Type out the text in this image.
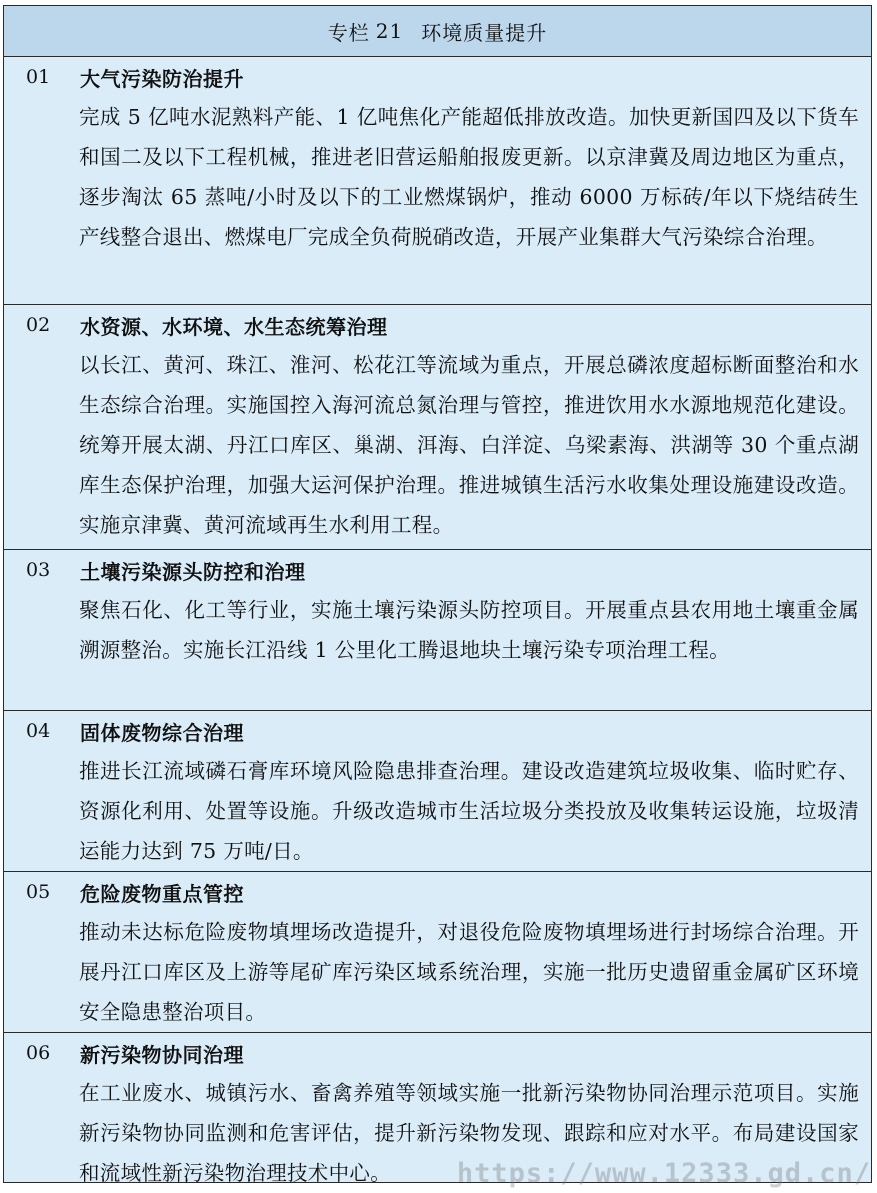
专栏 21 环境质量提升
01	大气污染防治提升
完成 5 亿吨水泥熟料产能、1 亿吨焦化产能超低排放改造。加快更新国四及以下货车和国二及以下工程机械，推进老旧营运船舶报废更新。以京津冀及周边地区为重点，逐步淘汰 65 蒸吨/小时及以下的工业燃煤锅炉，推动 6000 万标砖/年以下烧结砖生产线整合退出、燃煤电厂完成全负荷脱硝改造，开展产业集群大气污染综合治理。
02	水资源、水环境、水生态统筹治理
以长江、黄河、珠江、淮河、松花江等流域为重点，开展总磷浓度超标断面整治和水生态综合治理。实施国控入海河流总氮治理与管控，推进饮用水水源地规范化建设。统筹开展太湖、丹江口库区、巢湖、洱海、白洋淀、乌梁素海、洪湖等 30 个重点湖库生态保护治理，加强大运河保护治理。推进城镇生活污水收集处理设施建设改造。实施京津冀、黄河流域再生水利用工程。
03	土壤污染源头防控和治理
聚焦石化、化工等行业，实施土壤污染源头防控项目。开展重点县农用地土壤重金属溯源整治。实施长江沿线 1 公里化工腾退地块土壤污染专项治理工程。
04	固体废物综合治理
推进长江流域磷石膏库环境风险隐患排查治理。建设改造建筑垃圾收集、临时贮存、资源化利用、处置等设施。升级改造城市生活垃圾分类投放及收集转运设施，垃圾清运能力达到 75 万吨/日。
05	危险废物重点管控
推动未达标危险废物填埋场改造提升，对退役危险废物填埋场进行封场综合治理。开展丹江口库区及上游等尾矿库污染区域系统治理，实施一批历史遗留重金属矿区环境安全隐患整治项目。
06	新污染物协同治理
在工业废水、城镇污水、畜禽养殖等领域实施一批新污染物协同治理示范项目。实施新污染物协同监测和危害评估，提升新污染物发现、跟踪和应对水平。布局建设国家和流域性新污染物治理技术中心。	https://www.12333.gd.cn/
